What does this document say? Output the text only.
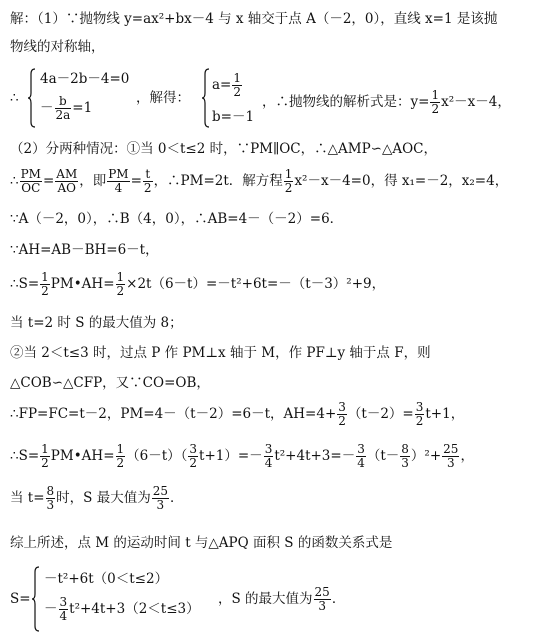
解：（1）∵抛物线 y=ax²+bx－4 与 x 轴交于点 A（－2，0），直线 x=1 是该抛
物线的对称轴，
∴
4a－2b－4=0
－ $\frac{b}{2a} =1$
，解得：
$a= \frac{1}{2}$
b=－1
，∴抛物线的解析式是：$y= \frac{1}{2} x^2-x-4$，
（2）分两种情况：①当 0＜t≤2 时，∵PM∥OC，∴△AMP∽△AOC，
∴ $\frac{PM}{OC} = \frac{AM}{AO}$ ，即 $\frac{PM}{4} = \frac{t}{2}$ ，∴PM=2t．解方程 $\frac{1}{2} x^2-x-4=0$，得 x₁=－2，x₂=4，
∵A（－2，0），∴B（4，0），∴AB=4－（－2）=6．
∵AH=AB－BH=6－t，
∴S= $\frac{1}{2}$ PM•AH= $\frac{1}{2} \times 2t(6-t)=-t^2+6t=-(t-3)^2+9$，
当 t=2 时 S 的最大值为 8；
②当 2＜t≤3 时，过点 P 作 PM⊥x 轴于 M，作 PF⊥y 轴于点 F，则
△COB∽△CFP，又∵CO=OB，
∴FP=FC=t－2，PM=4－（t－2）=6－t，$AH=4+ \frac{3}{2} (t-2)= \frac{3}{2} t+1$，
∴S= $\frac{1}{2}$ PM•AH= $\frac{1}{2} (6-t)( \frac{3}{2} t+1)=- \frac{3}{4} t^2+4t+3=- \frac{3}{4} (t- \frac{8}{3} )^2+ \frac{25}{3}$ ，
当 $t= \frac{8}{3}$ 时，S 最大值为 $\frac{25}{3}$ ．
综上所述，点 M 的运动时间 t 与△APQ 面积 S 的函数关系式是
S=
－t²+6t（0＜t≤2）
－ $\frac{3}{4} t^2+4t+3(2<t\le 3)$
，S 的最大值为 $\frac{25}{3}$ ．
